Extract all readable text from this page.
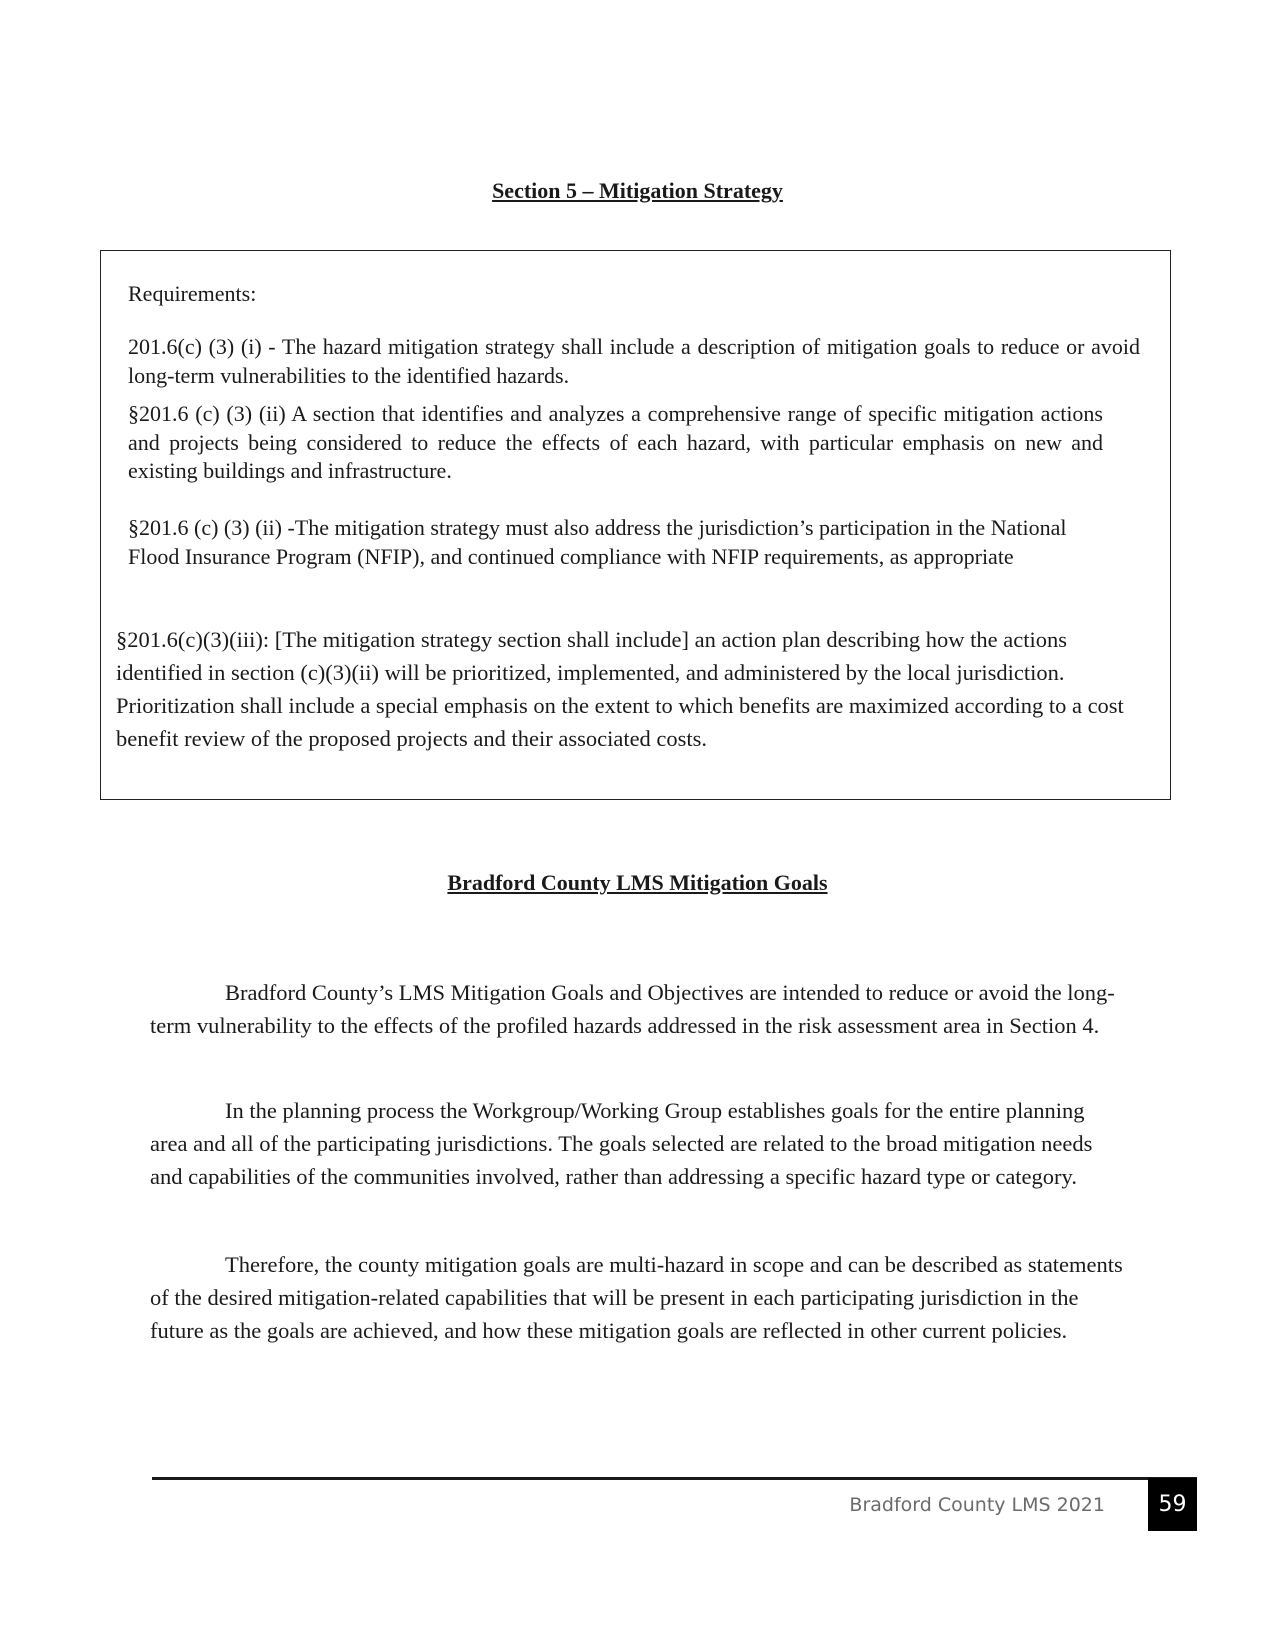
Section 5 – Mitigation Strategy

Requirements:

201.6(c) (3) (i) - The hazard mitigation strategy shall include a description of mitigation goals to reduce or avoid long-term vulnerabilities to the identified hazards.

§201.6 (c) (3) (ii) A section that identifies and analyzes a comprehensive range of specific mitigation actions and projects being considered to reduce the effects of each hazard, with particular emphasis on new and existing buildings and infrastructure.

§201.6 (c) (3) (ii) -The mitigation strategy must also address the jurisdiction’s participation in the National Flood Insurance Program (NFIP), and continued compliance with NFIP requirements, as appropriate

§201.6(c)(3)(iii): [The mitigation strategy section shall include] an action plan describing how the actions identified in section (c)(3)(ii) will be prioritized, implemented, and administered by the local jurisdiction. Prioritization shall include a special emphasis on the extent to which benefits are maximized according to a cost benefit review of the proposed projects and their associated costs.

Bradford County LMS Mitigation Goals

Bradford County’s LMS Mitigation Goals and Objectives are intended to reduce or avoid the long-term vulnerability to the effects of the profiled hazards addressed in the risk assessment area in Section 4.

In the planning process the Workgroup/Working Group establishes goals for the entire planning area and all of the participating jurisdictions. The goals selected are related to the broad mitigation needs and capabilities of the communities involved, rather than addressing a specific hazard type or category.

Therefore, the county mitigation goals are multi-hazard in scope and can be described as statements of the desired mitigation-related capabilities that will be present in each participating jurisdiction in the future as the goals are achieved, and how these mitigation goals are reflected in other current policies.

Bradford County LMS 2021	59
